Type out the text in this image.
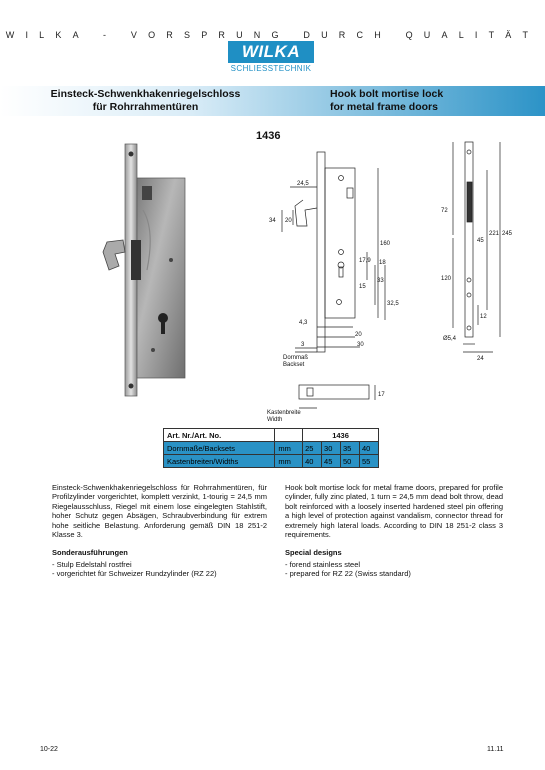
WILKA - VORSPRUNG DURCH QUALITÄT
WILKA
SCHLIESSTECHNIK
Einsteck-Schwenkhakenriegelschloss
für Rohrrahmentüren
Hook bolt mortise lock
for metal frame doors
1436
24,5
34 20
160
17,9 18
33
15
32,5
4,3
20
30
3
Dornmaß
Backset
17
Kastenbreite
Width
72
45
120
221 245
12
Ø5,4
24
Art. Nr./Art. No.		1436			
Dornmaße/Backsets	mm	25	30	35	40
Kastenbreiten/Widths	mm	40	45	50	55
Einsteck-Schwenkhakenriegelschloss für Rohrrahmentüren, für Profilzylinder vorgerichtet, komplett verzinkt, 1-tourig = 24,5 mm Riegelausschluss, Riegel mit einem lose eingelegten Stahlstift, hoher Schutz gegen Absägen, Schraubverbindung für extrem hohe seitliche Belastung. Anforderung gemäß DIN 18 251-2 Klasse 3.
Sonderausführungen
- Stulp Edelstahl rostfrei
- vorgerichtet für Schweizer Rundzylinder (RZ 22)
Hook bolt mortise lock for metal frame doors, prepared for profile cylinder, fully zinc plated, 1 turn = 24,5 mm dead bolt throw, dead bolt reinforced with a loosely inserted hardened steel pin offering a high level of protection against vandalism, connector thread for extremely high lateral loads. According to DIN 18 251-2 class 3 requirements.
Special designs
- forend stainless steel
- prepared for RZ 22 (Swiss standard)
10-22	11.11
